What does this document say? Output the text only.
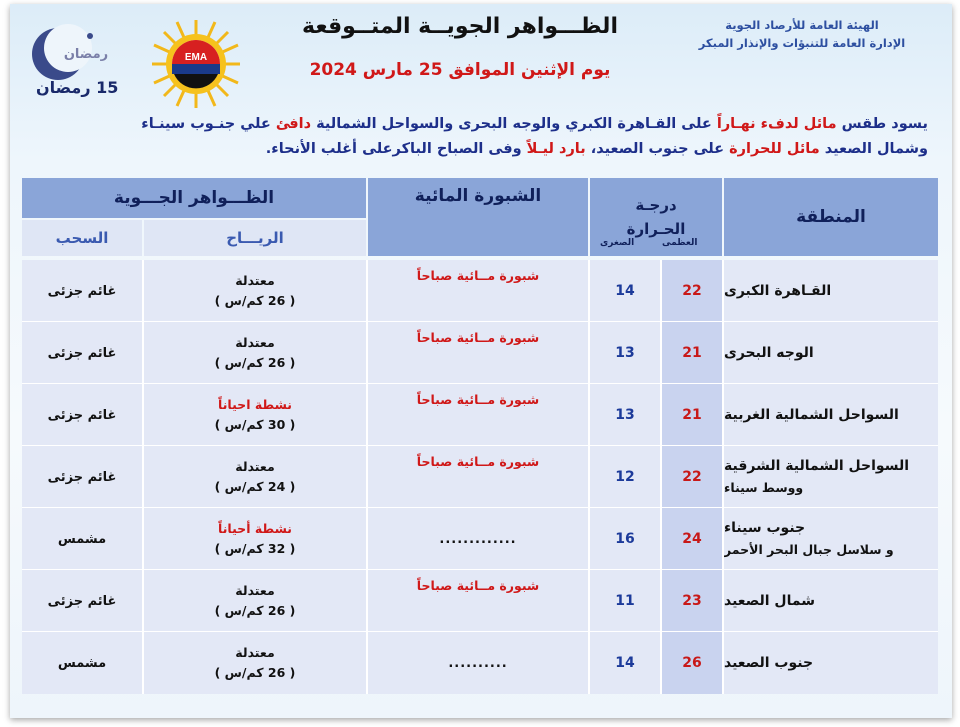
الهيئة العامة للأرصاد الجوية
الإدارة العامة للتنبؤات والإنذار المبكر
الظـــواهر الجويــة المتــوقعة
يوم الإثنين الموافق 25 مارس 2024
EMA
رمضان
15 رمضان
يسود طقس مائل لدفء نهـاراً على القـاهرة الكبري والوجه البحرى والسواحل الشمالية دافئ علي جنـوب سينـاء
وشمال الصعيد مائل للحرارة على جنوب الصعيد، بارد ليـلاً وفى الصباح الباكرعلى أغلب الأنحاء.
المنطقة
درجـة
الحـرارة
العظمى
الصغرى
الشبورة المائية
الظـــواهر الجـــوية
الريـــاح
السحب
القـاهرة الكبرى
22
14
شبورة مــائية صباحاً
معتدلة
( 26 كم/س )
غائم جزئى
الوجه البحرى
21
13
شبورة مــائية صباحاً
معتدلة
( 26 كم/س )
غائم جزئى
السواحل الشمالية الغربية
21
13
شبورة مــائية صباحاً
نشطة احياناً
( 30 كم/س )
غائم جزئى
السواحل الشمالية الشرقية
ووسط سيناء
22
12
شبورة مــائية صباحاً
معتدلة
( 24 كم/س )
غائم جزئى
جنوب سيناء
و سلاسل جبال البحر الأحمر
24
16
.............
نشطة أحياناً
( 32 كم/س )
مشمس
شمال الصعيد
23
11
شبورة مــائية صباحاً
معتدلة
( 26 كم/س )
غائم جزئى
جنوب الصعيد
26
14
..........
معتدلة
( 26 كم/س )
مشمس
